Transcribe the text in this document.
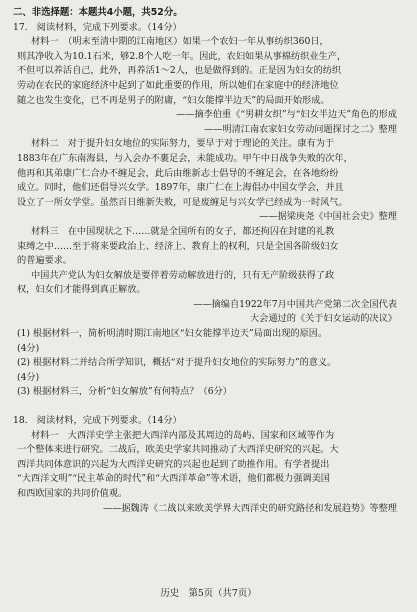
二、非选择题：本题共4小题，共52分。
17.　阅读材料，完成下列要求。（14分）
材料一　（明末至清中期的江南地区）如果一个农妇一年从事纺织360日，
则其净收入为10.1石米，够2.8个人吃一年。因此，农妇如果从事棉纺织业生产，
不但可以养活自己，此外，再养活1～2人，也是做得到的。正是因为妇女的纺织
劳动在农民的家庭经济中起到了如此重要的作用，所以她们在家庭中的经济地位
随之也发生变化，已不再是男子的附庸，“妇女能撑半边天”的局面开始形成。
——摘李伯重《“男耕女织”与“妇女半边天”角色的形成
——明清江南农家妇女劳动问题探讨之二》整理
材料二　对于提升妇女地位的实际努力，要早于对于理论的关注。康有为于
1883年在广东南海县，与入会办不裹足会，未能成功。甲午中日战争失败的次年，
他再和其弟康广仁合办不缠足会，此后由维新志士倡导的不缠足会，在各地纷纷
成立。同时，他们还倡导兴女学。1897年，康广仁在上海倡办中国女学会，并且
设立了一所女学堂。虽然百日维新失败，可是废缠足与兴女学已经成为一时风气。
——据梁庚尧《中国社会史》整理
材料三　在中国现状之下……就是全国所有的女子，都还拘囚在封建的礼教
束缚之中……至于将来要政治上、经济上、教育上的权利，只是全国各阶级妇女
的普遍要求。
中国共产党认为妇女解放是要伴着劳动解放进行的，只有无产阶级获得了政
权，妇女们才能得到真正解放。
——摘编自1922年7月中国共产党第二次全国代表
大会通过的《关于妇女运动的决议》
(1) 根据材料一，简析明清时期江南地区“妇女能撑半边天”局面出现的原因。
(4分)
(2) 根据材料二并结合所学知识，概括“对于提升妇女地位的实际努力”的意义。
(4分)
(3) 根据材料三，分析“妇女解放”有何特点？（6分）
18.　阅读材料，完成下列要求。（14分）
材料一　大西洋史学主张把大西洋内部及其周边的岛屿、国家和区域等作为
一个整体来进行研究。二战后，欧美史学家共同推动了大西洋史研究的兴起。大
西洋共同体意识的兴起为大西洋史研究的兴起也起到了助推作用。有学者提出
“大西洋文明”“民主革命的时代”和“大西洋革命”等术语，他们都极力强调美国
和西欧国家的共同价值观。
——据魏涛《二战以来欧美学界大西洋史的研究路径和发展趋势》等整理
历史　第5页（共7页）
